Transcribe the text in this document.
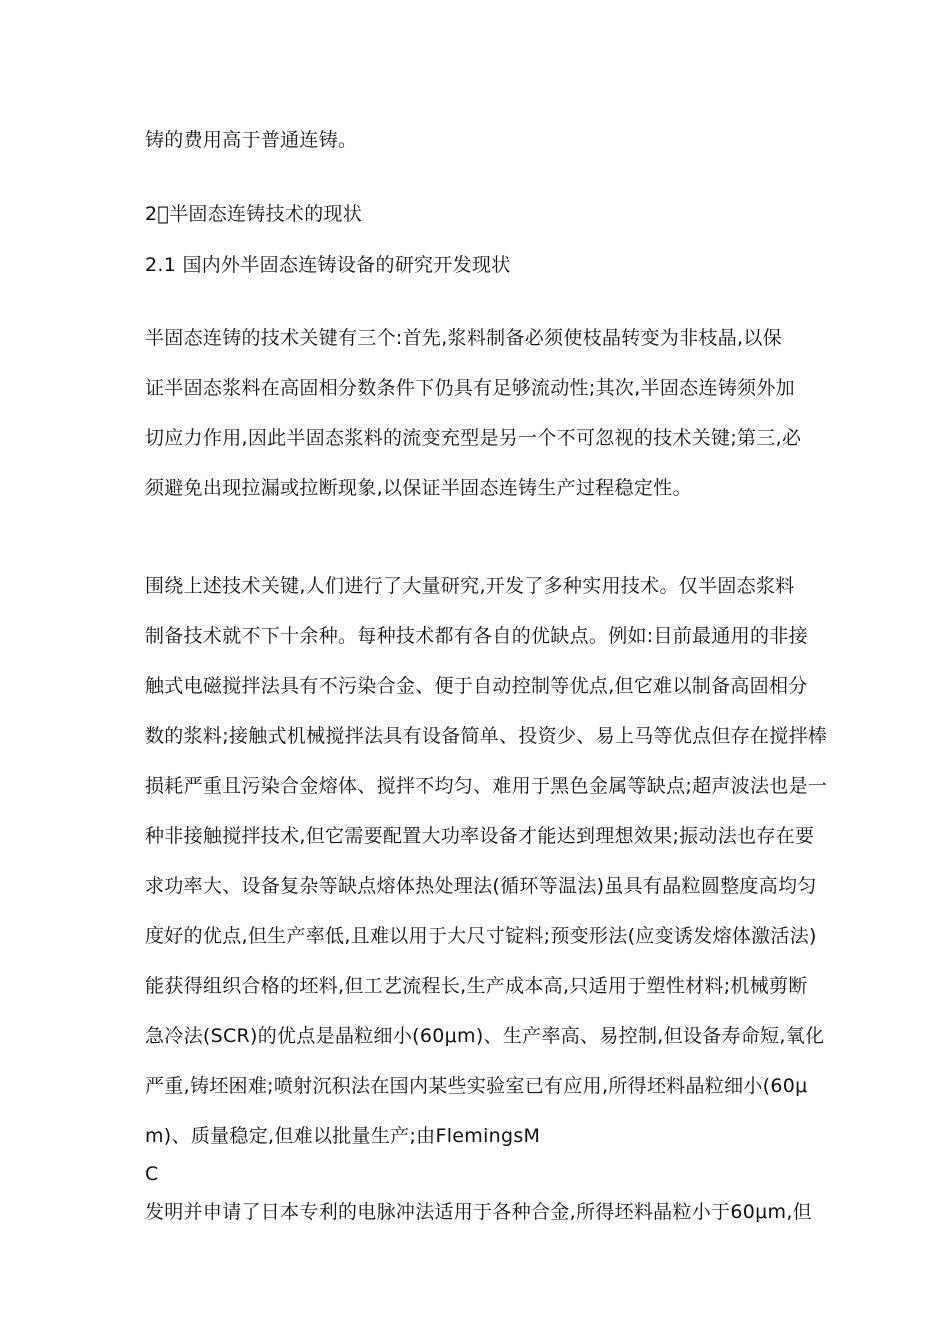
铸的费用高于普通连铸。
2􀃊半固态连铸技术的现状
2.1 国内外半固态连铸设备的研究开发现状
半固态连铸的技术关键有三个:首先,浆料制备必须使枝晶转变为非枝晶,以保
证半固态浆料在高固相分数条件下仍具有足够流动性;其次,半固态连铸须外加
切应力作用,因此半固态浆料的流变充型是另一个不可忽视的技术关键;第三,必
须避免出现拉漏或拉断现象,以保证半固态连铸生产过程稳定性。
围绕上述技术关键,人们进行了大量研究,开发了多种实用技术。仅半固态浆料
制备技术就不下十余种。每种技术都有各自的优缺点。例如:目前最通用的非接
触式电磁搅拌法具有不污染合金、便于自动控制等优点,但它难以制备高固相分
数的浆料;接触式机械搅拌法具有设备简单、投资少、易上马等优点但存在搅拌棒
损耗严重且污染合金熔体、搅拌不均匀、难用于黑色金属等缺点;超声波法也是一
种非接触搅拌技术,但它需要配置大功率设备才能达到理想效果;振动法也存在要
求功率大、设备复杂等缺点熔体热处理法(循环等温法)虽具有晶粒圆整度高均匀
度好的优点,但生产率低,且难以用于大尺寸锭料;预变形法(应变诱发熔体激活法)
能获得组织合格的坯料,但工艺流程长,生产成本高,只适用于塑性材料;机械剪断
急冷法(SCR)的优点是晶粒细小(60μm)、生产率高、易控制,但设备寿命短,氧化
严重,铸坯困难;喷射沉积法在国内某些实验室已有应用,所得坯料晶粒细小(60μ
m)、质量稳定,但难以批量生产;由FlemingsM
C
发明并申请了日本专利的电脉冲法适用于各种合金,所得坯料晶粒小于60μm,但
